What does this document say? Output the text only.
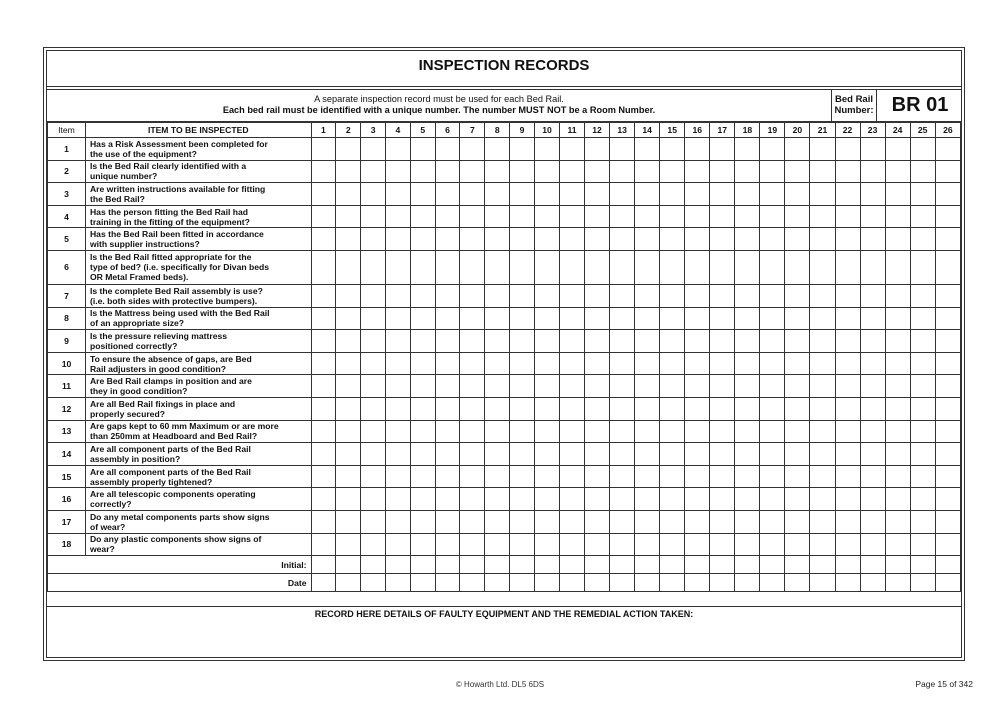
INSPECTION RECORDS
A separate inspection record must be used for each Bed Rail.
Each bed rail must be identified with a unique number. The number MUST NOT be a Room Number.
Bed Rail
Number: BR 01
Item	ITEM TO BE INSPECTED	1	2	3	4	5	6	7	8	9	10	11	12	13	14	15	16	17	18	19	20	21	22	23	24	25	26
1	Has a Risk Assessment been completed for
the use of the equipment?																										

2	Is the Bed Rail clearly identified with a
unique number?																										

3	Are written instructions available for fitting
the Bed Rail?																										

4	Has the person fitting the Bed Rail had
training in the fitting of the equipment?																										

5	Has the Bed Rail been fitted in accordance
with supplier instructions?																										

6	Is the Bed Rail fitted appropriate for the
type of bed? (i.e. specifically for Divan beds
OR Metal Framed beds).																										

7	Is the complete Bed Rail assembly is use?
(i.e. both sides with protective bumpers).																										

8	Is the Mattress being used with the Bed Rail
of an appropriate size?																										

9	Is the pressure relieving mattress
positioned correctly?																										

10	To ensure the absence of gaps, are Bed
Rail adjusters in good condition?																										

11	Are Bed Rail clamps in position and are
they in good condition?																										

12	Are all Bed Rail fixings in place and
properly secured?																										

13	Are gaps kept to 60 mm Maximum or are more
than 250mm at Headboard and Bed Rail?																										

14	Are all component parts of the Bed Rail
assembly in position?																										

15	Are all component parts of the Bed Rail
assembly properly tightened?																										

16	Are all telescopic components operating
correctly?																										

17	Do any metal components parts show signs
of wear?																										

18	Do any plastic components show signs of
wear?																										

Initial:																											
Date																											
RECORD HERE DETAILS OF FAULTY EQUIPMENT AND THE REMEDIAL ACTION TAKEN:
© Howarth Ltd. DL5 6DS	Page 15 of 342
